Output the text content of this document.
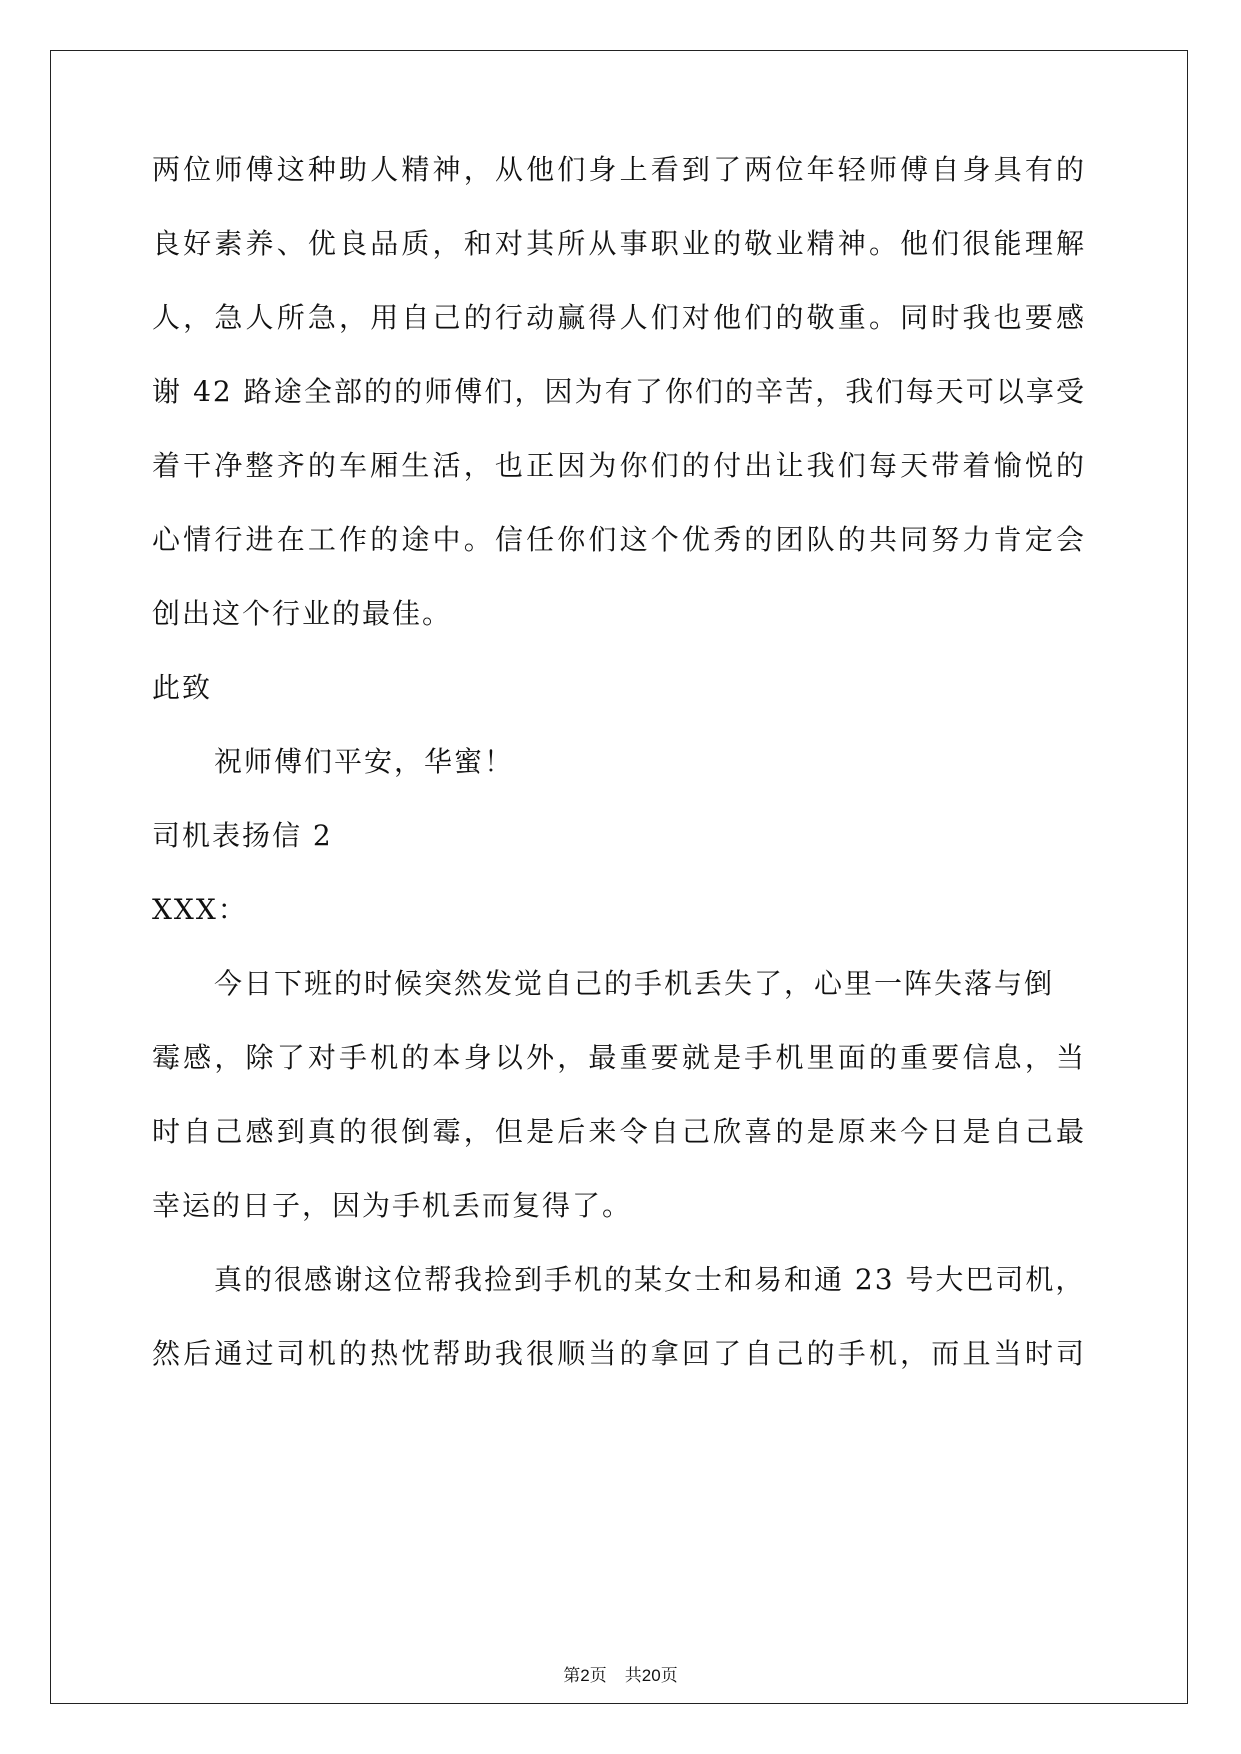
两位师傅这种助人精神，从他们身上看到了两位年轻师傅自身具有的
良好素养、优良品质，和对其所从事职业的敬业精神。他们很能理解
人，急人所急，用自己的行动赢得人们对他们的敬重。同时我也要感
谢 42 路途全部的的师傅们，因为有了你们的辛苦，我们每天可以享受
着干净整齐的车厢生活，也正因为你们的付出让我们每天带着愉悦的
心情行进在工作的途中。信任你们这个优秀的团队的共同努力肯定会
创出这个行业的最佳。
此致
祝师傅们平安，华蜜！
司机表扬信 2
XXX：
今日下班的时候突然发觉自己的手机丢失了，心里一阵失落与倒
霉感，除了对手机的本身以外，最重要就是手机里面的重要信息，当
时自己感到真的很倒霉，但是后来令自己欣喜的是原来今日是自己最
幸运的日子，因为手机丢而复得了。
真的很感谢这位帮我捡到手机的某女士和易和通 23 号大巴司机，
然后通过司机的热忱帮助我很顺当的拿回了自己的手机，而且当时司
第2页 共20页
